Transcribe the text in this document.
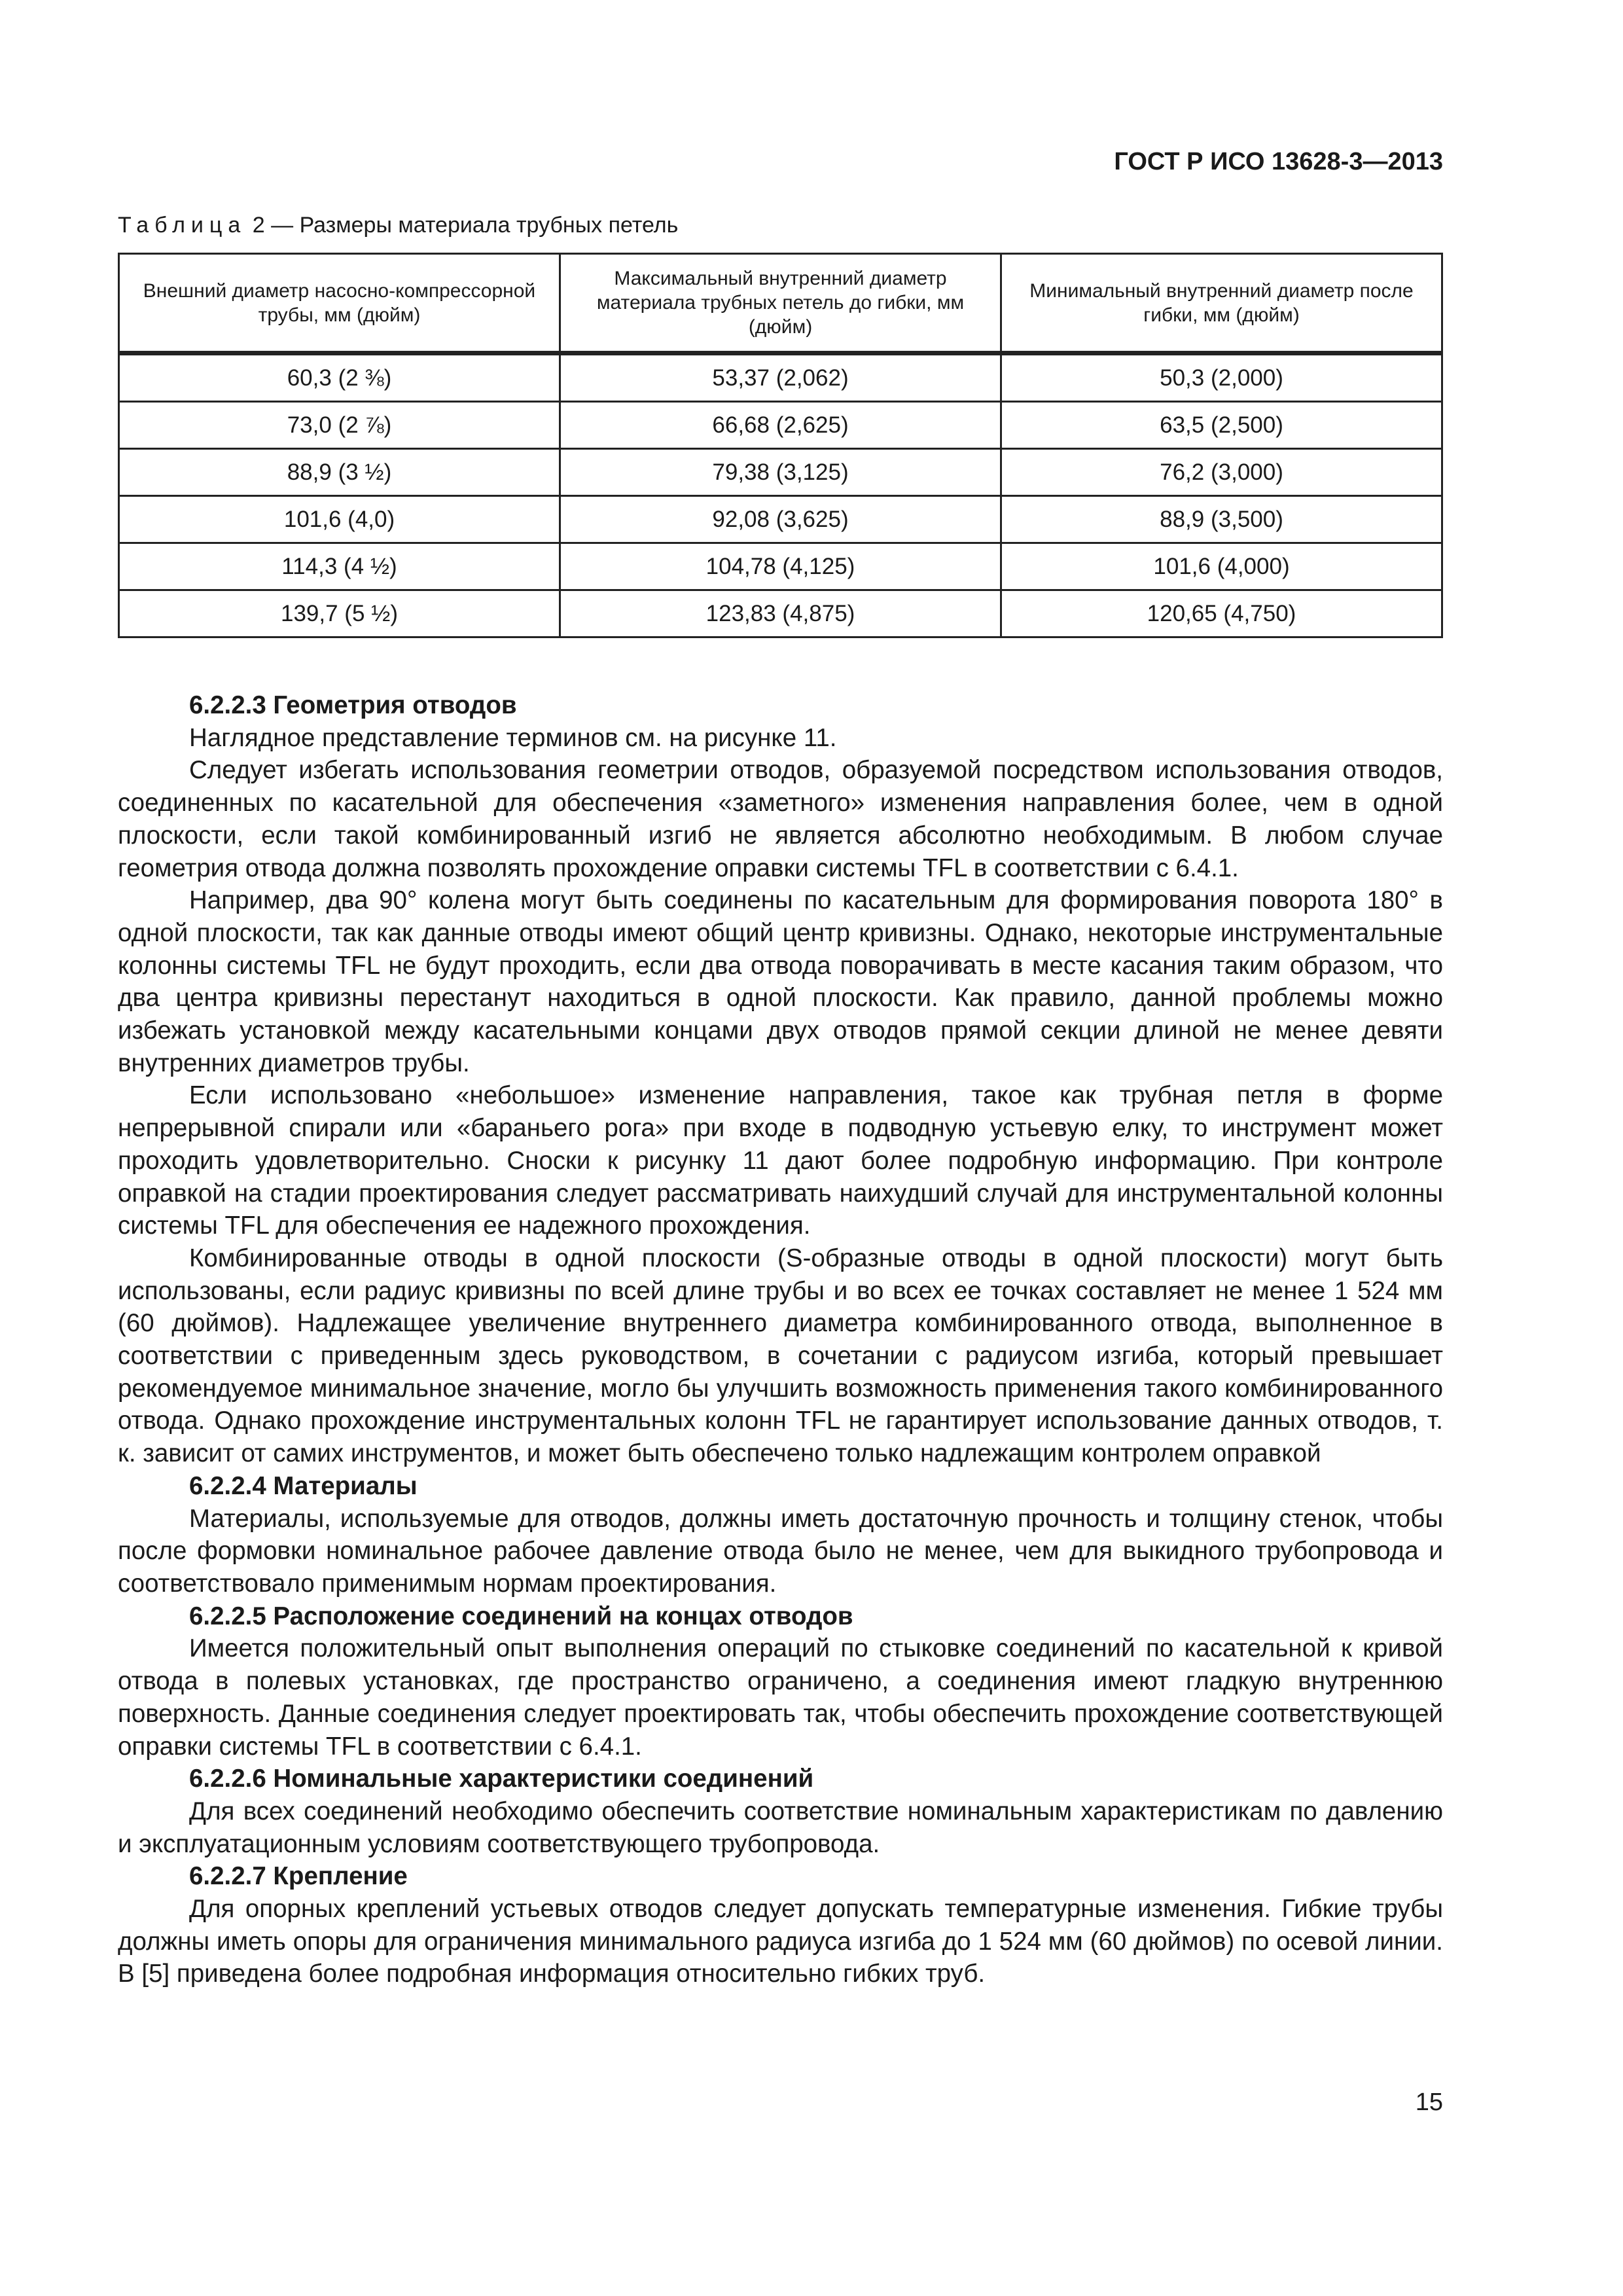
ГОСТ Р ИСО 13628-3—2013
Таблица 2 — Размеры материала трубных петель
Внешний диаметр насосно-компрессорной трубы, мм (дюйм)	Максимальный внутренний диаметр материала трубных петель до гибки, мм (дюйм)	Минимальный внутренний диаметр после гибки, мм (дюйм)
60,3 (2 ⅜)	53,37 (2,062)	50,3 (2,000)
73,0 (2 ⅞)	66,68 (2,625)	63,5 (2,500)
88,9 (3 ½)	79,38 (3,125)	76,2 (3,000)
101,6 (4,0)	92,08 (3,625)	88,9 (3,500)
114,3 (4 ½)	104,78 (4,125)	101,6 (4,000)
139,7 (5 ½)	123,83 (4,875)	120,65 (4,750)
6.2.2.3 Геометрия отводов

Наглядное представление терминов см. на рисунке 11.

Следует избегать использования геометрии отводов, образуемой посредством использования отводов, соединенных по касательной для обеспечения «заметного» изменения направления более, чем в одной плоскости, если такой комбинированный изгиб не является абсолютно необходимым. В любом случае геометрия отвода должна позволять прохождение оправки системы TFL в соответствии с 6.4.1.

Например, два 90° колена могут быть соединены по касательным для формирования поворота 180° в одной плоскости, так как данные отводы имеют общий центр кривизны. Однако, некоторые инструментальные колонны системы TFL не будут проходить, если два отвода поворачивать в месте касания таким образом, что два центра кривизны перестанут находиться в одной плоскости. Как правило, данной проблемы можно избежать установкой между касательными концами двух отводов прямой секции длиной не менее девяти внутренних диаметров трубы.

Если использовано «небольшое» изменение направления, такое как трубная петля в форме непрерывной спирали или «бараньего рога» при входе в подводную устьевую елку, то инструмент может проходить удовлетворительно. Сноски к рисунку 11 дают более подробную информацию. При контроле оправкой на стадии проектирования следует рассматривать наихудший случай для инструментальной колонны системы TFL для обеспечения ее надежного прохождения.

Комбинированные отводы в одной плоскости (S-образные отводы в одной плоскости) могут быть использованы, если радиус кривизны по всей длине трубы и во всех ее точках составляет не менее 1 524 мм (60 дюймов). Надлежащее увеличение внутреннего диаметра комбинированного отвода, выполненное в соответствии с приведенным здесь руководством, в сочетании с радиусом изгиба, который превышает рекомендуемое минимальное значение, могло бы улучшить возможность применения такого комбинированного отвода. Однако прохождение инструментальных колонн TFL не гарантирует использование данных отводов, т. к. зависит от самих инструментов, и может быть обеспечено только надлежащим контролем оправкой

6.2.2.4 Материалы

Материалы, используемые для отводов, должны иметь достаточную прочность и толщину стенок, чтобы после формовки номинальное рабочее давление отвода было не менее, чем для выкидного трубопровода и соответствовало применимым нормам проектирования.

6.2.2.5 Расположение соединений на концах отводов

Имеется положительный опыт выполнения операций по стыковке соединений по касательной к кривой отвода в полевых установках, где пространство ограничено, а соединения имеют гладкую внутреннюю поверхность. Данные соединения следует проектировать так, чтобы обеспечить прохождение соответствующей оправки системы TFL в соответствии с 6.4.1.

6.2.2.6 Номинальные характеристики соединений

Для всех соединений необходимо обеспечить соответствие номинальным характеристикам по давлению и эксплуатационным условиям соответствующего трубопровода.

6.2.2.7 Крепление

Для опорных креплений устьевых отводов следует допускать температурные изменения. Гибкие трубы должны иметь опоры для ограничения минимального радиуса изгиба до 1 524 мм (60 дюймов) по осевой линии. В [5] приведена более подробная информация относительно гибких труб.

15
